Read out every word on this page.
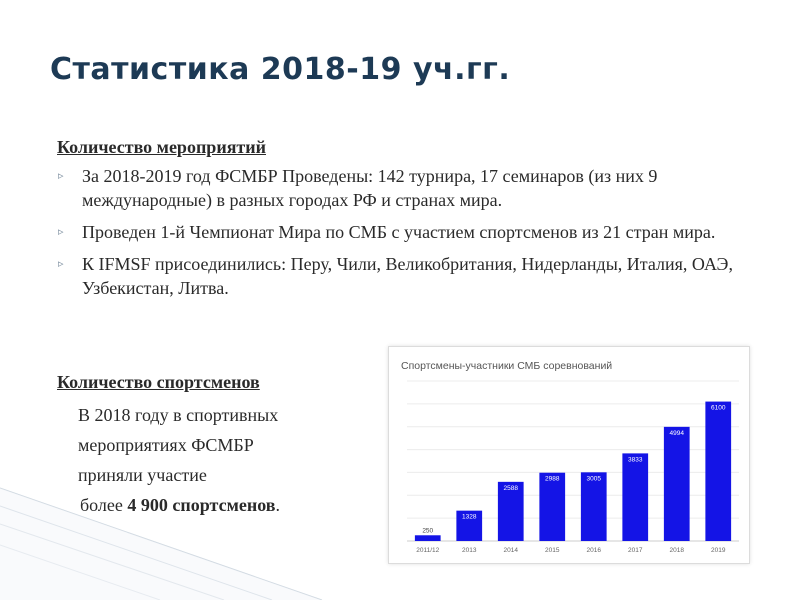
Статистика 2018-19 уч.гг.

Количество мероприятий

▹ За 2018-2019 год ФСМБР Проведены: 142 турнира, 17 семинаров (из них 9 международные) в разных городах РФ и странах мира.
▹ Проведен 1-й Чемпионат Мира по СМБ с участием спортсменов из 21 стран мира.
▹ К IFMSF присоединились: Перу, Чили, Великобритания, Нидерланды, Италия, ОАЭ, Узбекистан, Литва.

Количество спортсменов

В 2018 году в спортивных
мероприятиях ФСМБР
приняли участие
более 4 900 спортсменов.
Спортсмены-участники СМБ соревнований
250
2011/12
1328
2013
2588
2014
2988
2015
3005
2016
3833
2017
4994
2018
6100
2019
